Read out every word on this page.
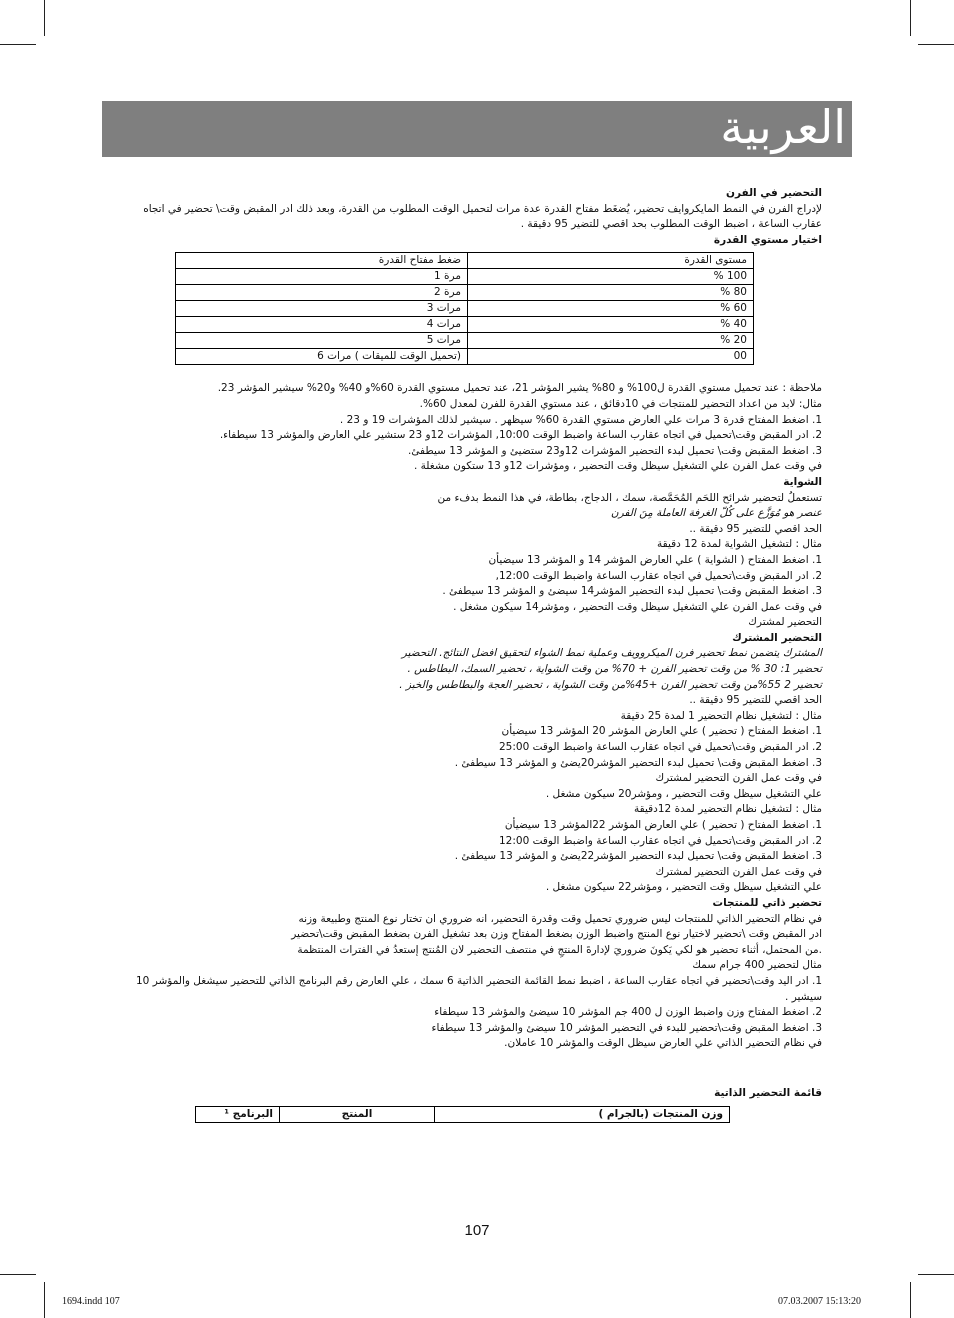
العربية

التحضير في الفرن

لإدراج الفرن في النمط المايكروايف تحضير، يُضغَط مفتاح القدرة عدة مرات لتحميل الوقت المطلوب من القدرة، وبعد ذلك ادر المقبض وقت\ تحضير في اتجاه

عقارب الساعة ، اضبط الوقت المطلوب بحد اقصي للتضير 95 دقيقة .

اختيار مستوي القدرة

مستوى القدرة	ضغط مفتاح القدرة
100 %	مرة 1
80 %	مرة 2
60 %	مرات 3
40 %	مرات 4
20 %	مرات 5
00	(تحميل الوقت للميقات ) مرات 6

ملاحظة : عند تحميل مستوي القدرة ل100% و 80% يشير المؤشر 21، عند تحميل مستوي القدرة 60%و 40% و20% سيشير المؤشر 23.

مثال: لابد من اعداد التحضير للمنتجات في 10دقائق ، عند مستوي القدرة للفرن لمعدل 60%.

1. اضغط المفتاح قدرة 3 مرات علي العارض مستوي القدرة 60% سيظهر . سيشير لذلك المؤشرات 19 و 23 .

2. ادر المقبض وقت\تحميل في اتجاه عقارب الساعة واضبط الوقت 10:00, المؤشرات 12و 23 ستشير علي العارض والمؤشر 13 سيطفاء.

3. اضغط المقبض وقت\ تحميل لبدء التحضير المؤشرات 12و23 ستضيئ و المؤشر 13 سيطفئ.

في وقت عمل الفرن علي التشغيل سيظل وقت التحضير ، ومؤشرات 12و 13 ستكون مشغلة .

الشواية

تستعملُ لتحضير شرائح اللحَم المُحَمَّصة، سمك ، الدجاج، بطاطة، في هذا النمط بدفء من

عنصر هو مُوَزَّع علی کُلّ الغرفة العاملة مِنَ الفرن

الحد اقصي للتضير 95 دقيقة ..

مثال : لتشغيل الشواية لمدة 12 دقيقة

1. اضغط المفتاح ( الشواية ) علي العارض المؤشر 14 و المؤشر 13 سيضيأن

2. ادر المقبض وقت\تحميل في اتجاه عقارب الساعة واضبط الوقت 12:00,

3. اضغط المقبض وقت\ تحميل لبدء التحضير المؤشر14 سيضئ و المؤشر 13 سيطفئ .

في وقت عمل الفرن علي التشغيل سيظل وقت التحضير ، ومؤشر14 سيكون مشغل .

التحضير لمشترك

التحضير المشترك

المشترك يتضمن نمط تحضير فرن الميكروويف وعملية نمط الشواء لتحقيق افضل النتائج. التحضير

تحضير 1: 30 % من وقت تحضير الفرن + 70% من وقت الشواية ، تحضير السمك، البطاطس .

تحضير 2 55%من وقت تحضير الفرن +45%من وقت الشواية ، تحضير العجة والبطاطس والخبز .

الحد اقصي للتضير 95 دقيقة ..

مثال : لتشغيل نظام التحضير 1 لمدة 25 دقيقة

1. اضغط المفتاح ( تحضير ) علي العارض المؤشر 20 المؤشر 13 سيضيأن

2. ادر المقبض وقت\تحميل في اتجاه عقارب الساعة واضبط الوقت 25:00

3. اضغط المقبض وقت\ تحميل لبدء التحضير المؤشر20يضئ و المؤشر 13 سيطفئ .

في وقت عمل الفرن التحضير لمشترك

علي التشغيل سيظل وقت التحضير ، ومؤشر20 سيكون مشغل .

مثال : لتشغيل نظام التحضير لمدة 12دقيقة

1. اضغط المفتاح ( تحضير ) علي العارض المؤشر 22المؤشر 13 سيضيأن

2. ادر المقبض وقت\تحميل في اتجاه عقارب الساعة واضبط الوقت 12:00

3. اضغط المقبض وقت\ تحميل لبدء التحضير المؤشر22يضئ و المؤشر 13 سيطفئ .

في وقت عمل الفرن التحضير لمشترك

علي التشغيل سيظل وقت التحضير ، ومؤشر22 سيكون مشغل .

تحضير ذاتي للمنتجات

في نظام التحضير الذاتي للمنتجات ليس ضروري تحميل وقت وقدرة التحضير، انه ضروري ان تختار نوع المنتج وطبيعة وزنه

ادر المقبض وقت \تحضير لاختيار نوع المنتج واضبط الوزن بضغط المفتاح وزن بعد تشغيل الفرن بضغط المقبض وقت\تحضير

.من المحتمل، أثناء تحضير هو لکي يَکونَ ضروريَ لإدارةَ المنتجِ في منتصف التحضير لان المُنتج إستعدُ في الفترات المنتظمة

مثال لتحضير 400 جرام سمك

1. ادر اليد وقت\تحضير في اتجاه عقارب الساعة ، اضبط نمط القائمة التحضير الذاتية 6 سمك ، علي العارض رقم البرنامج الذاتي للتحضير سيشغل والمؤشر 10

سيشير .

2. اضغط المفتاح وزن واضبط الوزن ل 400 جم المؤشر 10 سيضئ والمؤشر 13 سيطفاء

3. اضغط المقبض وقت\تحضير للبدء في التحضير المؤشر 10 سيضئ والمؤشر 13 سيطفاء

في نظام التحضير الذاتي علي العارض سيظل الوقت والمؤشر 10 عاملان.

قائمة التحضير الذاتية

وزن المنتجات (بالجرام )	المنتج	البرنامج ¹
107
1694.indd 107	07.03.2007 15:13:20
